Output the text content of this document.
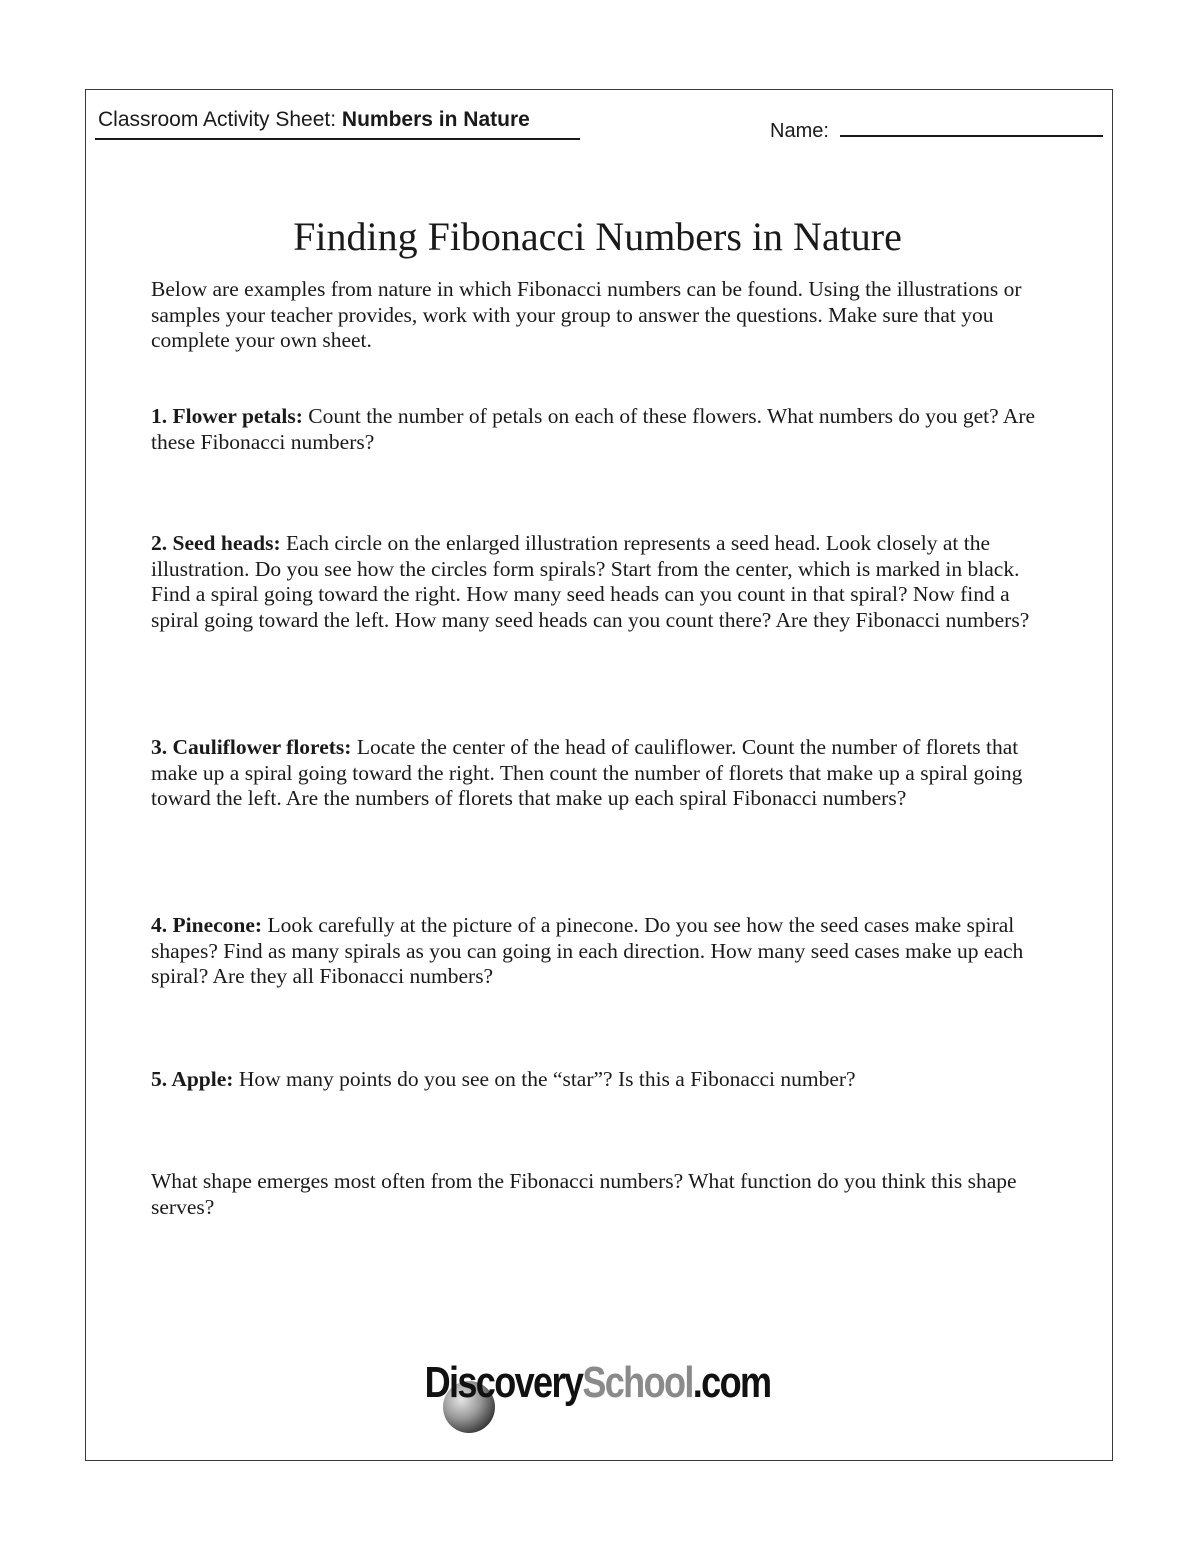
Classroom Activity Sheet: Numbers in Nature	Name:
Finding Fibonacci Numbers in Nature
Below are examples from nature in which Fibonacci numbers can be found. Using the illustrations or samples your teacher provides, work with your group to answer the questions. Make sure that you complete your own sheet.
1. Flower petals: Count the number of petals on each of these flowers. What numbers do you get? Are these Fibonacci numbers?
2. Seed heads: Each circle on the enlarged illustration represents a seed head. Look closely at the illustration. Do you see how the circles form spirals? Start from the center, which is marked in black. Find a spiral going toward the right. How many seed heads can you count in that spiral? Now find a spiral going toward the left. How many seed heads can you count there? Are they Fibonacci numbers?
3. Cauliflower florets: Locate the center of the head of cauliflower. Count the number of florets that make up a spiral going toward the right. Then count the number of florets that make up a spiral going toward the left. Are the numbers of florets that make up each spiral Fibonacci numbers?
4. Pinecone: Look carefully at the picture of a pinecone. Do you see how the seed cases make spiral shapes? Find as many spirals as you can going in each direction. How many seed cases make up each spiral? Are they all Fibonacci numbers?
5. Apple: How many points do you see on the “star”? Is this a Fibonacci number?
What shape emerges most often from the Fibonacci numbers? What function do you think this shape serves?
DiscoverySchool.com
